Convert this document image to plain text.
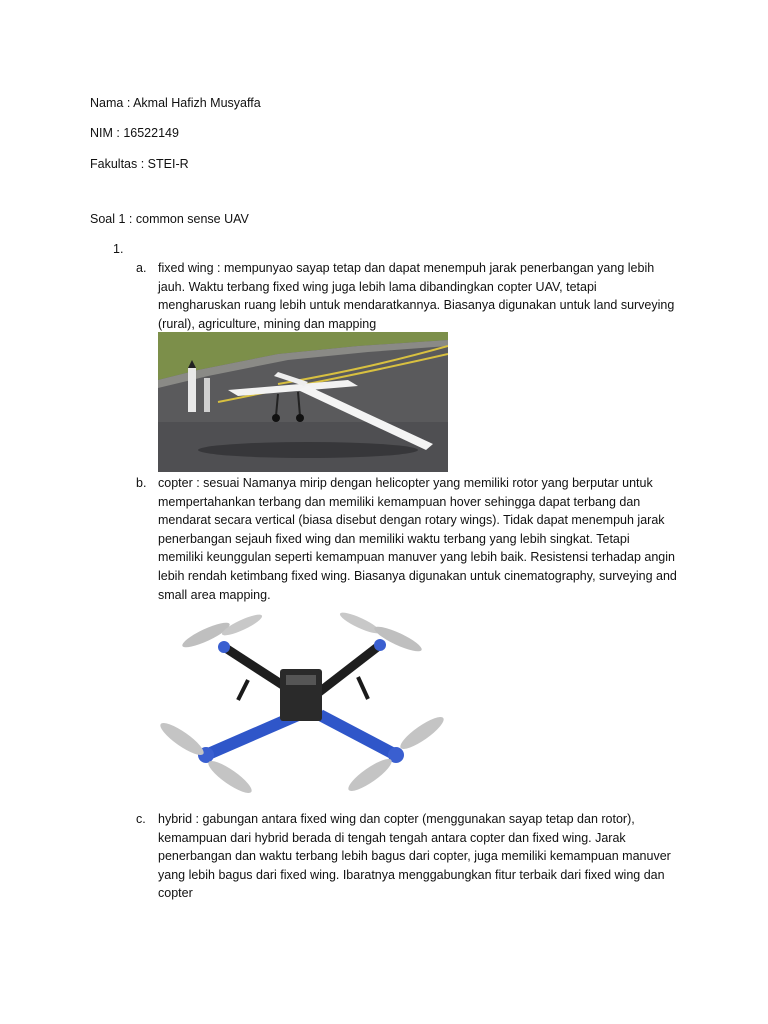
Nama : Akmal Hafizh Musyaffa
NIM : 16522149
Fakultas : STEI-R
Soal 1 : common sense UAV
1.
a. fixed wing : mempunyao sayap tetap dan dapat menempuh jarak penerbangan yang lebih jauh. Waktu terbang fixed wing juga lebih lama dibandingkan copter UAV, tetapi mengharuskan ruang lebih untuk mendaratkannya. Biasanya digunakan untuk land surveying (rural), agriculture, mining dan mapping
b. copter : sesuai Namanya mirip dengan helicopter yang memiliki rotor yang berputar untuk mempertahankan terbang dan memiliki kemampuan hover sehingga dapat terbang dan mendarat secara vertical (biasa disebut dengan rotary wings). Tidak dapat menempuh jarak penerbangan sejauh fixed wing dan memiliki waktu terbang yang lebih singkat. Tetapi memiliki keunggulan seperti kemampuan manuver yang lebih baik. Resistensi terhadap angin lebih rendah ketimbang fixed wing. Biasanya digunakan untuk cinematography, surveying and small area mapping.
c. hybrid : gabungan antara fixed wing dan copter (menggunakan sayap tetap dan rotor), kemampuan dari hybrid berada di tengah tengah antara copter dan fixed wing. Jarak penerbangan dan waktu terbang lebih bagus dari copter, juga memiliki kemampuan manuver yang lebih bagus dari fixed wing. Ibaratnya menggabungkan fitur terbaik dari fixed wing dan copter
